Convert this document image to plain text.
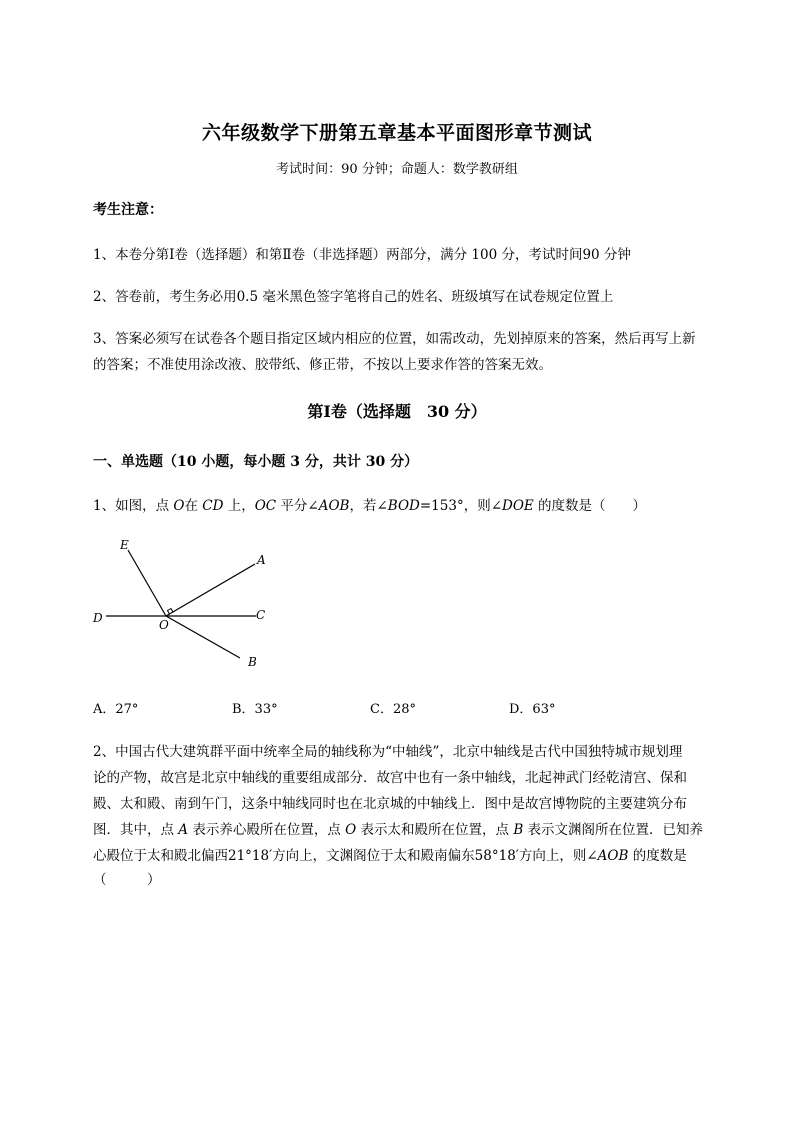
六年级数学下册第五章基本平面图形章节测试
考试时间：90 分钟；命题人：数学教研组
考生注意：
1、本卷分第Ⅰ卷（选择题）和第Ⅱ卷（非选择题）两部分，满分 100 分，考试时间90 分钟
2、答卷前，考生务必用0.5 毫米黑色签字笔将自己的姓名、班级填写在试卷规定位置上
3、答案必须写在试卷各个题目指定区域内相应的位置，如需改动，先划掉原来的答案，然后再写上新
的答案；不准使用涂改液、胶带纸、修正带，不按以上要求作答的答案无效。
第Ⅰ卷（选择题　30 分）
一、单选题（10 小题，每小题 3 分，共计 30 分）
1、如图，点 O在 CD 上，OC 平分∠AOB，若∠BOD=153°，则∠DOE 的度数是（　　）
E
A
D	O
C
B
A．27°	B．33°	C．28°	D．63°
2、中国古代大建筑群平面中统率全局的轴线称为“中轴线”，北京中轴线是古代中国独特城市规划理
论的产物，故宫是北京中轴线的重要组成部分．故宫中也有一条中轴线，北起神武门经乾清宫、保和
殿、太和殿、南到午门，这条中轴线同时也在北京城的中轴线上．图中是故宫博物院的主要建筑分布
图．其中，点 A 表示养心殿所在位置，点 O 表示太和殿所在位置，点 B 表示文渊阁所在位置．已知养
心殿位于太和殿北偏西21°18′方向上，文渊阁位于太和殿南偏东58°18′方向上，则∠AOB 的度数是
（　　　）
